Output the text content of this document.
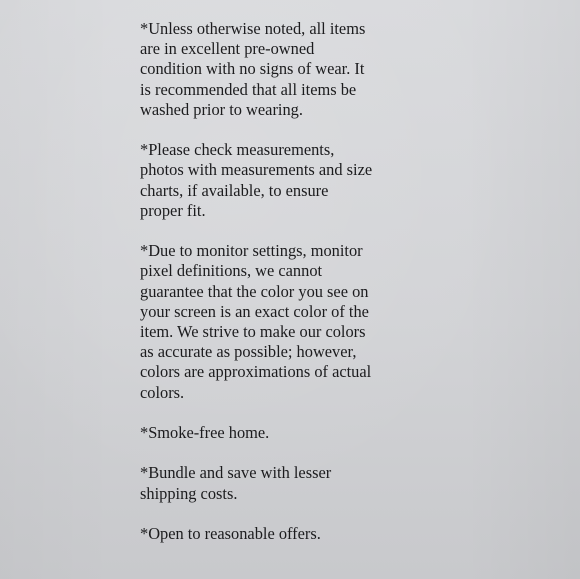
*Unless otherwise noted, all items
are in excellent pre-owned
condition with no signs of wear. It
is recommended that all items be
washed prior to wearing.

*Please check measurements,
photos with measurements and size
charts, if available, to ensure
proper fit.

*Due to monitor settings, monitor
pixel definitions, we cannot
guarantee that the color you see on
your screen is an exact color of the
item. We strive to make our colors
as accurate as possible; however,
colors are approximations of actual
colors.

*Smoke-free home.

*Bundle and save with lesser
shipping costs.

*Open to reasonable offers.
